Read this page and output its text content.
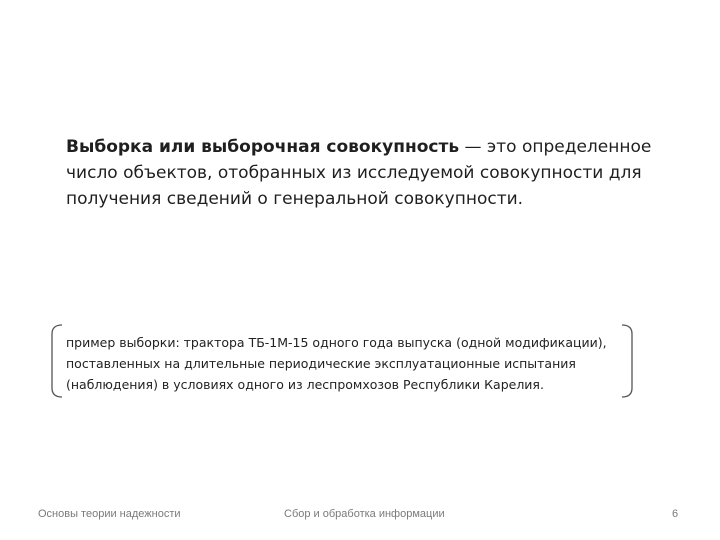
Выборка или выборочная совокупность — это определенное число объектов, отобранных из исследуемой совокупности для получения сведений о генеральной совокупности.
пример выборки: трактора ТБ-1М-15 одного года выпуска (одной модификации), поставленных на длительные периодические эксплуатационные испытания (наблюдения) в условиях одного из леспромхозов Республики Карелия.
Основы теории надежности	Сбор и обработка информации	6
